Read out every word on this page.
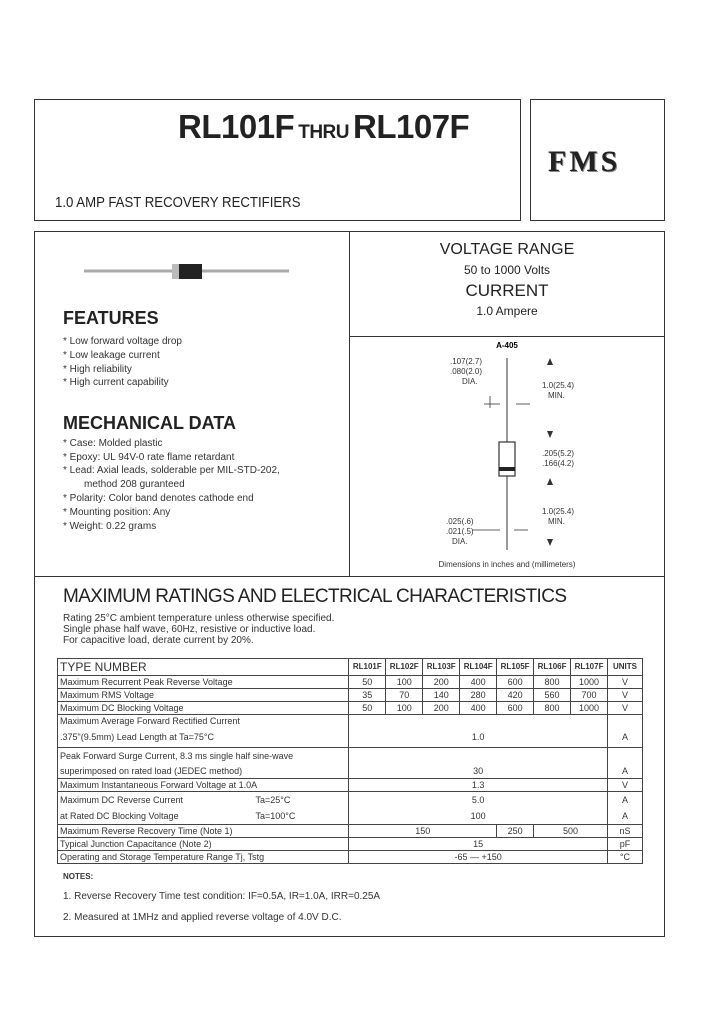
RL101F THRU RL107F
1.0 AMP FAST RECOVERY RECTIFIERS
FMS
FEATURES
* Low forward voltage drop
* Low leakage current
* High reliability
* High current capability
MECHANICAL DATA
* Case: Molded plastic
* Epoxy: UL 94V-0 rate flame retardant
* Lead: Axial leads, solderable per MIL-STD-202,
method 208 guranteed
* Polarity: Color band denotes cathode end
* Mounting position: Any
* Weight: 0.22 grams
VOLTAGE RANGE
50 to 1000 Volts
CURRENT
1.0 Ampere
A-405
.107(2.7)
.080(2.0)
DIA.	1.0(25.4)
MIN.
.205(5.2)
.166(4.2)
1.0(25.4)
MIN.
.025(.6)
.021(.5)
DIA.
Dimensions in inches and (millimeters)
MAXIMUM RATINGS AND ELECTRICAL CHARACTERISTICS
Rating 25°C ambient temperature unless otherwise specified.
Single phase half wave, 60Hz, resistive or inductive load.
For capacitive load, derate current by 20%.
TYPE NUMBER	RL101F	RL102F	RL103F	RL104F	RL105F	RL106F	RL107F	UNITS
Maximum Recurrent Peak Reverse Voltage	50	100	200	400	600	800	1000	V
Maximum RMS Voltage	35	70	140	280	420	560	700	V
Maximum DC Blocking Voltage	50	100	200	400	600	800	1000	V
Maximum Average Forward Rectified Current								
.375"(9.5mm) Lead Length at Ta=75°C	1.0							A
Peak Forward Surge Current, 8.3 ms single half sine-wave								
superimposed on rated load (JEDEC method)	30							A
Maximum Instantaneous Forward Voltage at 1.0A	1.3							V
Maximum DC Reverse Current Ta=25°C	5.0							A
at Rated DC Blocking Voltage Ta=100°C	100							A
Maximum Reverse Recovery Time (Note 1)	150				250	500		nS
Typical Junction Capacitance (Note 2)	15							pF
Operating and Storage Temperature Range Tj, Tstg	-65 — +150							°C
NOTES:
1. Reverse Recovery Time test condition: IF=0.5A, IR=1.0A, IRR=0.25A
2. Measured at 1MHz and applied reverse voltage of 4.0V D.C.
